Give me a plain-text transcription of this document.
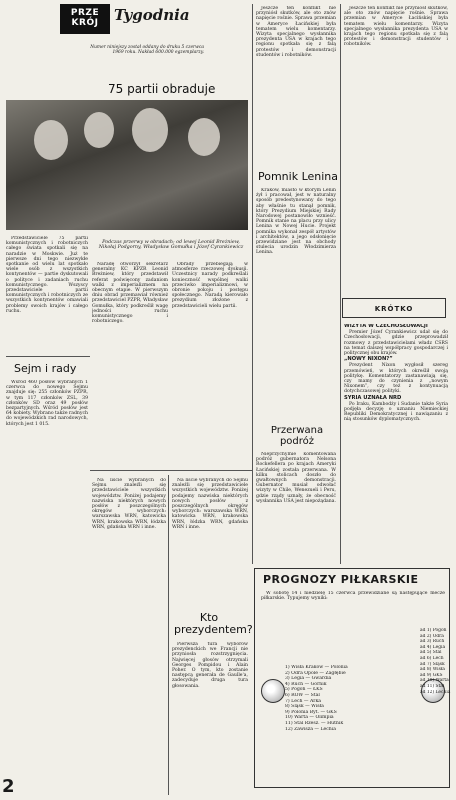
PRZE KRÓJ	Tygodnia
Numer niniejszy został oddany do druku 5 czerwca 1969 roku. Nakład 600.000 egzemplarzy.
75 partii obraduje
Podczas przerwy w obradach; od lewej Leonid Breżniew, Nikołaj Podgorny, Władysław Gomułka i Józef Cyrankiewicz

Przedstawiciele 75 partii komunistycznych i robotniczych całego świata spotkali się na naradzie w Moskwie. Już te pierwsze dni tego niezwykłe spotkanie od wielu lat spotkało wiele osób z wszystkich kontynentów — partie dyskutowali o polityce i zadaniach ruchu komunistycznego. Wszyscy przedstawiciele partii komunistycznych i robotniczych ze wszystkich kontynentów omawiali problemy swoich krajów i całego ruchu.

Naradę otworzył sekretarz generalny KC KPZR Leonid Breżniew, który przedstawił referat poświęcony zadaniom walki z imperializmem na obecnym etapie. W pierwszym dniu obrad przemawiał również przedstawiciel PZPR, Władysław Gomułka, który podkreślił wagę jedności ruchu komunistycznego i robotniczego.

Obrady przebiegają w atmosferze rzeczowej dyskusji. Uczestnicy narady podkreślali konieczność wspólnej walki przeciwko imperializmowi, w obronie pokoju i postępu społecznego. Naradą kierowało prezydium złożone z przedstawicieli wielu partii.

Jeszcze ten konflikt nie przyniósł skutków, ale oto znów napięcie rośnie. Sprawa przemian w Ameryce Łacińskiej była tematem wielu komentarzy. Wizyta specjalnego wysłannika prezydenta USA w krajach tego regionu spotkała się z falą protestów i demonstracji studentów i robotników.

Pomnik Lenina

Jeszcze ten konflikt nie przyniósł skutków, ale oto znów napięcie rośnie. Sprawa przemian w Ameryce Łacińskiej była tematem wielu komentarzy. Wizyta specjalnego wysłannika prezydenta USA w krajach tego regionu spotkała się z falą protestów i demonstracji studentów i robotników.

Kraków, miasto w którym Lenin żył i pracował, jest w naturalny sposób predestynowany do tego aby właśnie tu stanął pomnik, który Prezydium Miejskiej Rady Narodowej postanowiło wznieść. Pomnik stanie na placu przy ulicy Lenina w Nowej Hucie. Projekt pomnika wykonał zespół artystów i architektów, a jego odsłonięcie przewidziane jest na obchody stulecia urodzin Włodzimierza Lenina.

KRÓTKO

WIZYTA W CZECHOSŁOWACJI

Premier Józef Cyrankiewicz udał się do Czechosłowacji, gdzie przeprowadził rozmowy z przedstawicielami władz CSRS na temat dalszej współpracy gospodarczej i politycznej obu krajów.

„NOWY NIXON?”

Prezydent Nixon wygłosił szereg przemówień, w których określił swoją politykę. Komentatorzy zastanawiają się, czy mamy do czynienia z „nowym Nixonem”, czy też z kontynuacją dotychczasowej polityki.

SYRIA UZNAŁA NRD

Po Iraku, Kambodży i Sudanie także Syria podjęła decyzję o uznaniu Niemieckiej Republiki Demokratycznej i nawiązaniu z nią stosunków dyplomatycznych.

Sejm i rady

Wśród 460 posłów wybranych 1 czerwca do nowego Sejmu znajduje się: 255 członków PZPR, w tym 117 członków ZSL, 39 członków SD oraz 49 posłów bezpartyjnych. Wśród posłów jest 64 kobiety. Wybrano także radnych do wojewódzkich rad narodowych, których jest 1 015.

Na liście wybranych do Sejmu znaleźli się przedstawiciele wszystkich województw. Poniżej podajemy nazwiska niektórych nowych posłów z poszczególnych okręgów wyborczych: warszawska WRN, katowicka WRN, krakowska WRN, łódzka WRN, gdańska WRN i inne.

Na liście wybranych do Sejmu znaleźli się przedstawiciele wszystkich województw. Poniżej podajemy nazwiska niektórych nowych posłów z poszczególnych okręgów wyborczych: warszawska WRN, katowicka WRN, krakowska WRN, łódzka WRN, gdańska WRN i inne.

Kto prezydentem?

Pierwsza tura wyborów prezydenckich we Francji nie przyniosła rozstrzygnięcia. Najwięcej głosów otrzymali Georges Pompidou i Alain Poher. O tym, kto zostanie następcą generała de Gaulle'a, zadecyduje druga tura głosowania.

Przerwana podróż

Nieprzychylnie komentowana podróż gubernatora Nelsona Rockefellera po krajach Ameryki Łacińskiej została przerwana. W kilku stolicach doszło do gwałtownych demonstracji. Gubernator musiał odwołać wizyty w Chile, Wenezueli i Peru, gdzie rządy uznały, że obecność wysłannika USA jest niepożądana.

PROGNOZY PIŁKARSKIE

W sobotę 14 i niedzielę 15 czerwca przewidziane są następujące mecze piłkarskie. Typujemy wyniki:

1) Wisła Kraków — Polonia
2) Odra Opole — Zagłębie
3) Legia — Gwardia
4) Ruch — Górnik
5) Pogoń — ŁKS
6) ROW — Stal
7) Lech — Arka
8) Śląsk — Wisła
9) Polonia Byt. — GKS
10) Warta — Olimpia
11) Stal Rzesz. — Hutnik
12) Zawisza — Lechia
ad 1) Pogoń
ad 2) Odra
ad 3) Ruch
ad 4) Legia
ad 5) Stal
ad 6) Lech
ad 7) Śląsk
ad 8) Wisła
ad 9) GKS
ad 10) Warta
ad 11) Stal
ad 12) Lechia
2
